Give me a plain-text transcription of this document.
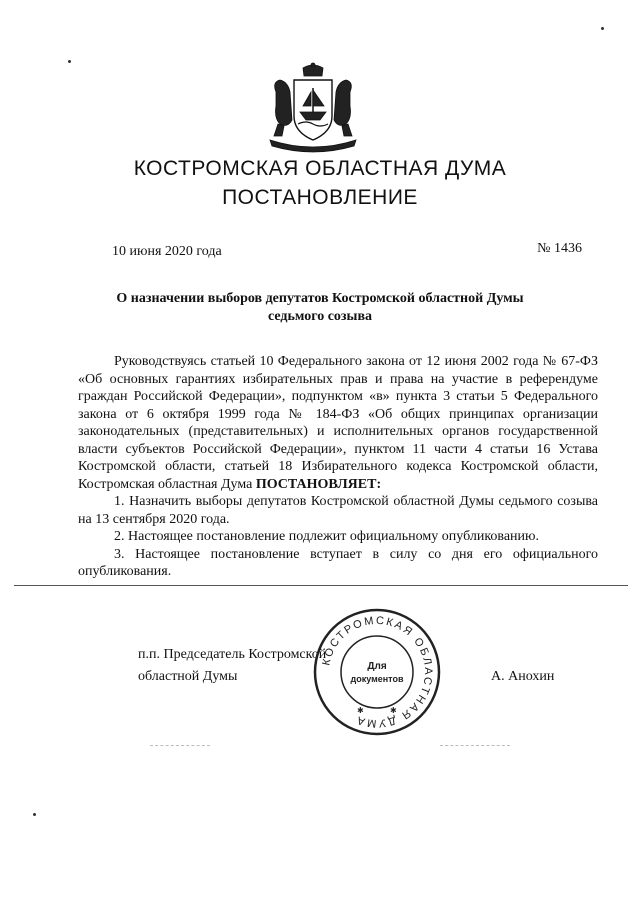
КОСТРОМСКАЯ ОБЛАСТНАЯ ДУМА
ПОСТАНОВЛЕНИЕ
10 июня 2020 года	№ 1436
О назначении выборов депутатов Костромской областной Думы
седьмого созыва

Руководствуясь статьей 10 Федерального закона от 12 июня 2002 года № 67-ФЗ «Об основных гарантиях избирательных прав и права на участие в референдуме граждан Российской Федерации», подпунктом «в» пункта 3 статьи 5 Федерального закона от 6 октября 1999 года № 184-ФЗ «Об общих принципах организации законодательных (представительных) и исполнительных органов государственной власти субъектов Российской Федерации», пунктом 11 части 4 статьи 16 Устава Костромской области, статьей 18 Избирательного кодекса Костромской области, Костромская областная Дума ПОСТАНОВЛЯЕТ:

1. Назначить выборы депутатов Костромской областной Думы седьмого созыва на 13 сентября 2020 года.

2. Настоящее постановление подлежит официальному опубликованию.

3. Настоящее постановление вступает в силу со дня его официального опубликования.

п.п. Председатель Костромской
областной Думы	А. Анохин
КОСТРОМСКАЯ ОБЛАСТНАЯ ДУМА
Для
документов
✱	✱
